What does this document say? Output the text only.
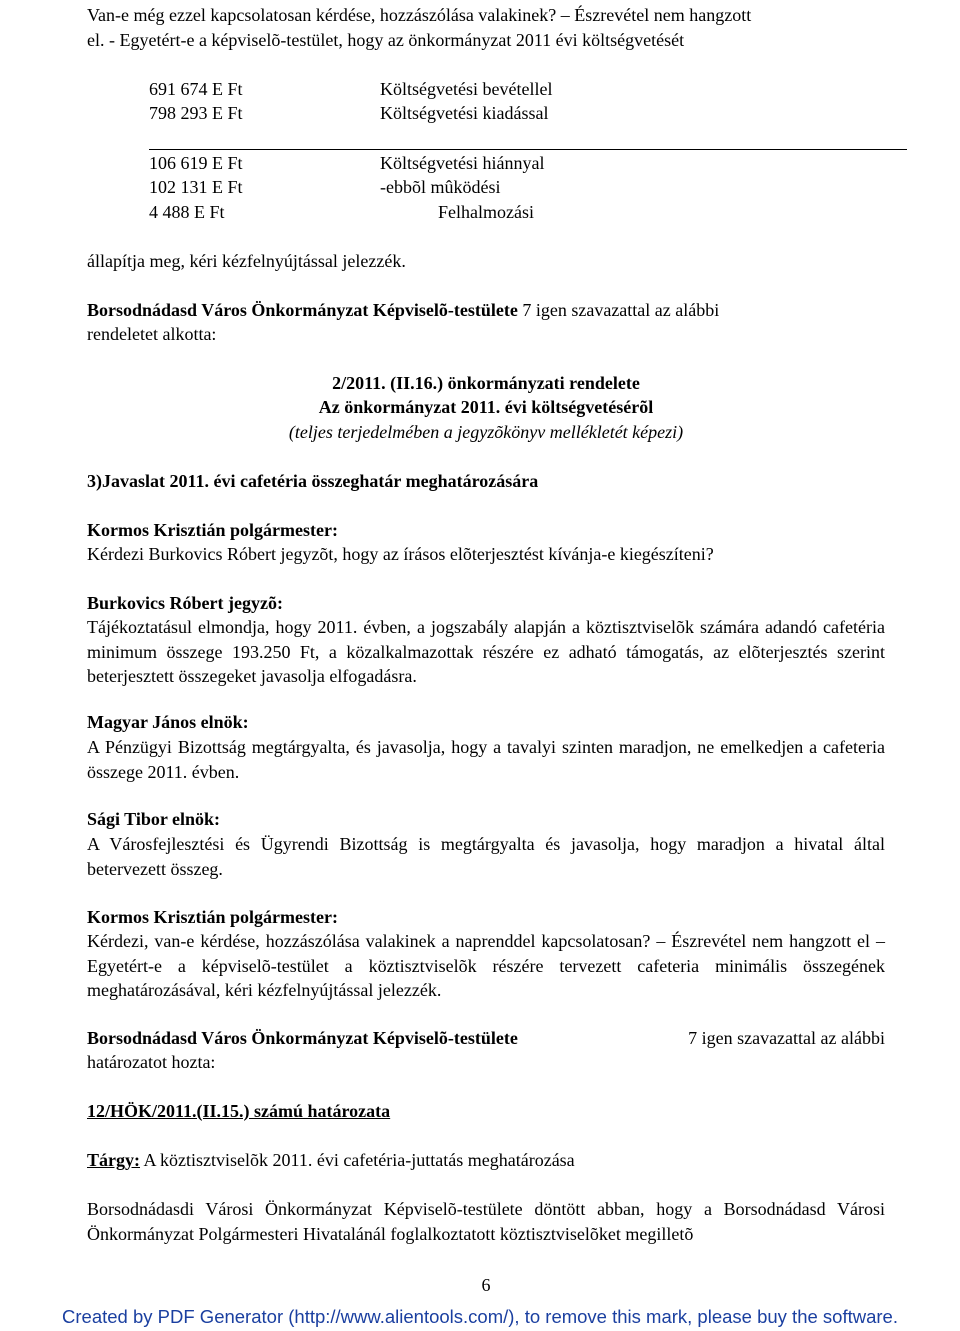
Van-e még ezzel kapcsolatosan kérdése, hozzászólása valakinek? – Észrevétel nem hangzott
el. - Egyetért-e a képviselõ-testület, hogy az önkormányzat 2011 évi költségvetését
691 674 E Ft	Költségvetési bevétellel
798 293 E Ft	Költségvetési kiadással
106 619 E Ft	Költségvetési hiánnyal
102 131 E Ft	-ebbõl mûködési
4 488 E Ft	Felhalmozási
állapítja meg, kéri kézfelnyújtással jelezzék.
Borsodnádasd Város Önkormányzat Képviselõ-testülete 7 igen szavazattal az alábbi
rendeletet alkotta:
2/2011. (II.16.) önkormányzati rendelete
Az önkormányzat 2011. évi költségvetésérõl
(teljes terjedelmében a jegyzõkönyv mellékletét képezi)
3)Javaslat 2011. évi cafetéria összeghatár meghatározására
Kormos Krisztián polgármester:
Kérdezi Burkovics Róbert jegyzõt, hogy az írásos elõterjesztést kívánja-e kiegészíteni?
Burkovics Róbert jegyzõ:
Tájékoztatásul elmondja, hogy 2011. évben, a jogszabály alapján a köztisztviselõk számára adandó cafetéria minimum összege 193.250 Ft, a közalkalmazottak részére ez adható támogatás, az elõterjesztés szerint beterjesztett összegeket javasolja elfogadásra.
Magyar János elnök:
A Pénzügyi Bizottság megtárgyalta, és javasolja, hogy a tavalyi szinten maradjon, ne emelkedjen a cafeteria összege 2011. évben.
Sági Tibor elnök:
A Városfejlesztési és Ügyrendi Bizottság is megtárgyalta és javasolja, hogy maradjon a hivatal által betervezett összeg.
Kormos Krisztián polgármester:
Kérdezi, van-e kérdése, hozzászólása valakinek a naprenddel kapcsolatosan? – Észrevétel nem hangzott el – Egyetért-e a képviselõ-testület a köztisztviselõk részére tervezett cafeteria minimális összegének meghatározásával, kéri kézfelnyújtással jelezzék.
Borsodnádasd Város Önkormányzat Képviselõ-testülete	7 igen szavazattal az alábbi
határozatot hozta:
12/HÖK/2011.(II.15.) számú határozata
Tárgy: A köztisztviselõk 2011. évi cafetéria-juttatás meghatározása
Borsodnádasdi Városi Önkormányzat Képviselõ-testülete döntött abban, hogy a Borsodnádasd Városi Önkormányzat Polgármesteri Hivatalánál foglalkoztatott köztisztviselõket megilletõ
6
Created by PDF Generator (http://www.alientools.com/), to remove this mark, please buy the software.
